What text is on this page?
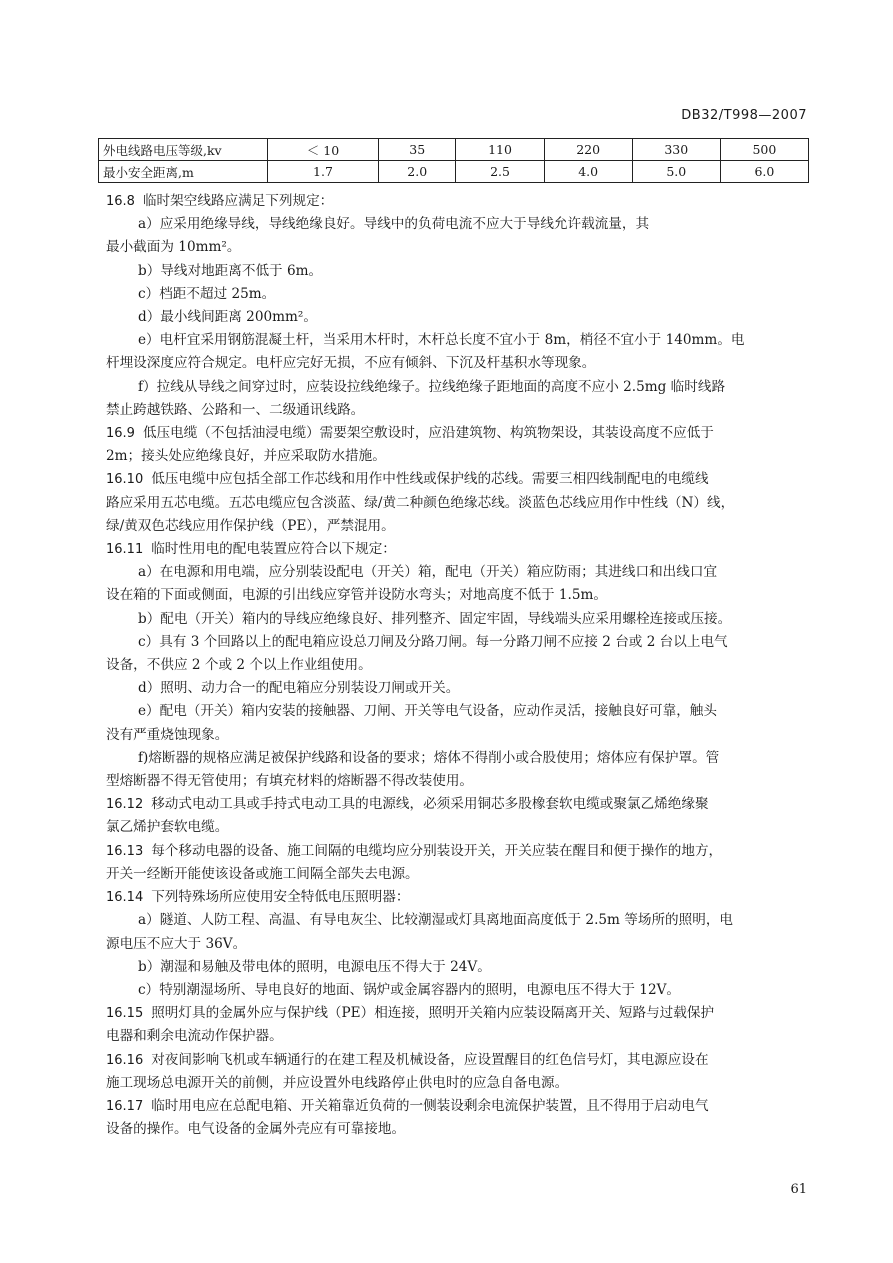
DB32/T998—2007
外电线路电压等级,kv	＜ 10	35	110	220	330	500
最小安全距离,m	1.7	2.0	2.5	4.0	5.0	6.0

16.8 临时架空线路应满足下列规定：

a）应采用绝缘导线，导线绝缘良好。导线中的负荷电流不应大于导线允许载流量，其

最小截面为 10mm²。

b）导线对地距离不低于 6m。

c）档距不超过 25m。

d）最小线间距离 200mm²。

e）电杆宜采用钢筋混凝土杆，当采用木杆时，木杆总长度不宜小于 8m，梢径不宜小于 140mm。电

杆埋设深度应符合规定。电杆应完好无损，不应有倾斜、下沉及杆基积水等现象。

f）拉线从导线之间穿过时，应装设拉线绝缘子。拉线绝缘子距地面的高度不应小 2.5mg 临时线路

禁止跨越铁路、公路和一、二级通讯线路。

16.9 低压电缆（不包括油浸电缆）需要架空敷设时，应沿建筑物、构筑物架设，其装设高度不应低于

2m；接头处应绝缘良好，并应采取防水措施。

16.10 低压电缆中应包括全部工作芯线和用作中性线或保护线的芯线。需要三相四线制配电的电缆线

路应采用五芯电缆。五芯电缆应包含淡蓝、绿/黄二种颜色绝缘芯线。淡蓝色芯线应用作中性线（N）线，

绿/黄双色芯线应用作保护线（PE），严禁混用。

16.11 临时性用电的配电装置应符合以下规定：

a）在电源和用电端，应分别装设配电（开关）箱，配电（开关）箱应防雨；其进线口和出线口宜

设在箱的下面或侧面，电源的引出线应穿管并设防水弯头；对地高度不低于 1.5m。

b）配电（开关）箱内的导线应绝缘良好、排列整齐、固定牢固，导线端头应采用螺栓连接或压接。

c）具有 3 个回路以上的配电箱应设总刀闸及分路刀闸。每一分路刀闸不应接 2 台或 2 台以上电气

设备，不供应 2 个或 2 个以上作业组使用。

d）照明、动力合一的配电箱应分别装设刀闸或开关。

e）配电（开关）箱内安装的接触器、刀闸、开关等电气设备，应动作灵活，接触良好可靠，触头

没有严重烧蚀现象。

f)熔断器的规格应满足被保护线路和设备的要求；熔体不得削小或合股使用；熔体应有保护罩。管

型熔断器不得无管使用；有填充材料的熔断器不得改装使用。

16.12 移动式电动工具或手持式电动工具的电源线，必须采用铜芯多股橡套软电缆或聚氯乙烯绝缘聚

氯乙烯护套软电缆。

16.13 每个移动电器的设备、施工间隔的电缆均应分别装设开关，开关应装在醒目和便于操作的地方，

开关一经断开能使该设备或施工间隔全部失去电源。

16.14 下列特殊场所应使用安全特低电压照明器：

a）隧道、人防工程、高温、有导电灰尘、比较潮湿或灯具离地面高度低于 2.5m 等场所的照明，电

源电压不应大于 36V。

b）潮湿和易触及带电体的照明，电源电压不得大于 24V。

c）特别潮湿场所、导电良好的地面、锅炉或金属容器内的照明，电源电压不得大于 12V。

16.15 照明灯具的金属外应与保护线（PE）相连接，照明开关箱内应装设隔离开关、短路与过载保护

电器和剩余电流动作保护器。

16.16 对夜间影响飞机或车辆通行的在建工程及机械设备，应设置醒目的红色信号灯，其电源应设在

施工现场总电源开关的前侧，并应设置外电线路停止供电时的应急自备电源。

16.17 临时用电应在总配电箱、开关箱靠近负荷的一侧装设剩余电流保护装置，且不得用于启动电气

设备的操作。电气设备的金属外壳应有可靠接地。

61
